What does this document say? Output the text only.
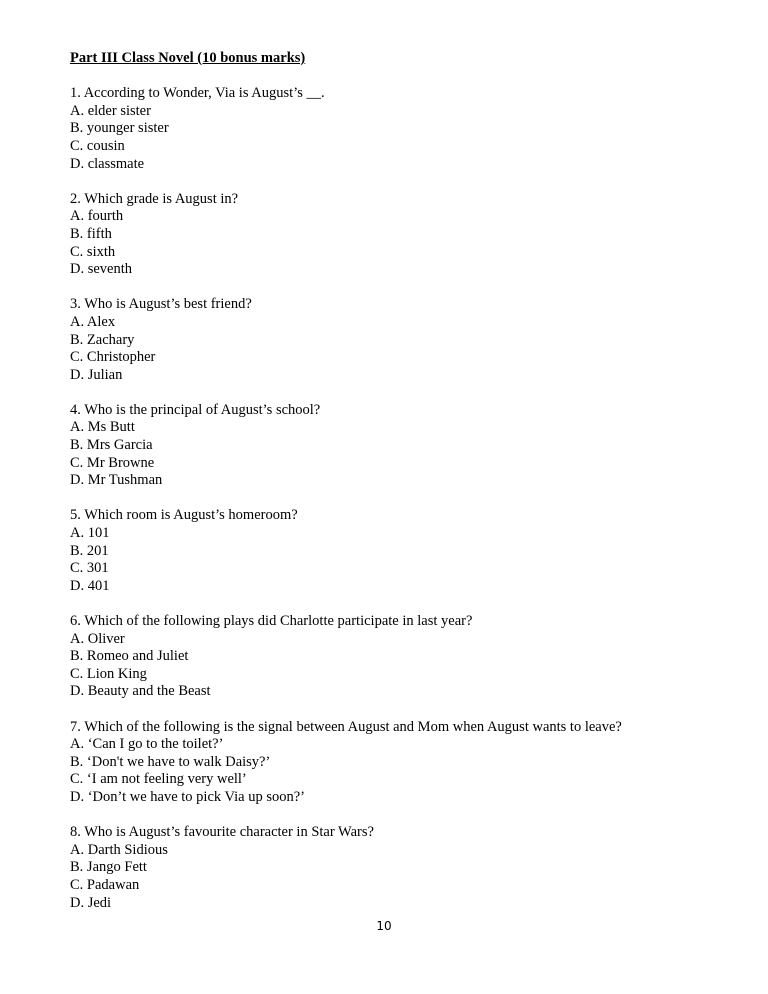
Part III Class Novel (10 bonus marks)
1. According to Wonder, Via is August’s __.
A. elder sister
B. younger sister
C. cousin
D. classmate
2. Which grade is August in?
A. fourth
B. fifth
C. sixth
D. seventh
3. Who is August’s best friend?
A. Alex
B. Zachary
C. Christopher
D. Julian
4. Who is the principal of August’s school?
A. Ms Butt
B. Mrs Garcia
C. Mr Browne
D. Mr Tushman
5. Which room is August’s homeroom?
A. 101
B. 201
C. 301
D. 401
6. Which of the following plays did Charlotte participate in last year?
A. Oliver
B. Romeo and Juliet
C. Lion King
D. Beauty and the Beast
7. Which of the following is the signal between August and Mom when August wants to leave?
A. ‘Can I go to the toilet?’
B. ‘Don't we have to walk Daisy?’
C. ‘I am not feeling very well’
D. ‘Don’t we have to pick Via up soon?’
8. Who is August’s favourite character in Star Wars?
A. Darth Sidious
B. Jango Fett
C. Padawan
D. Jedi
10
